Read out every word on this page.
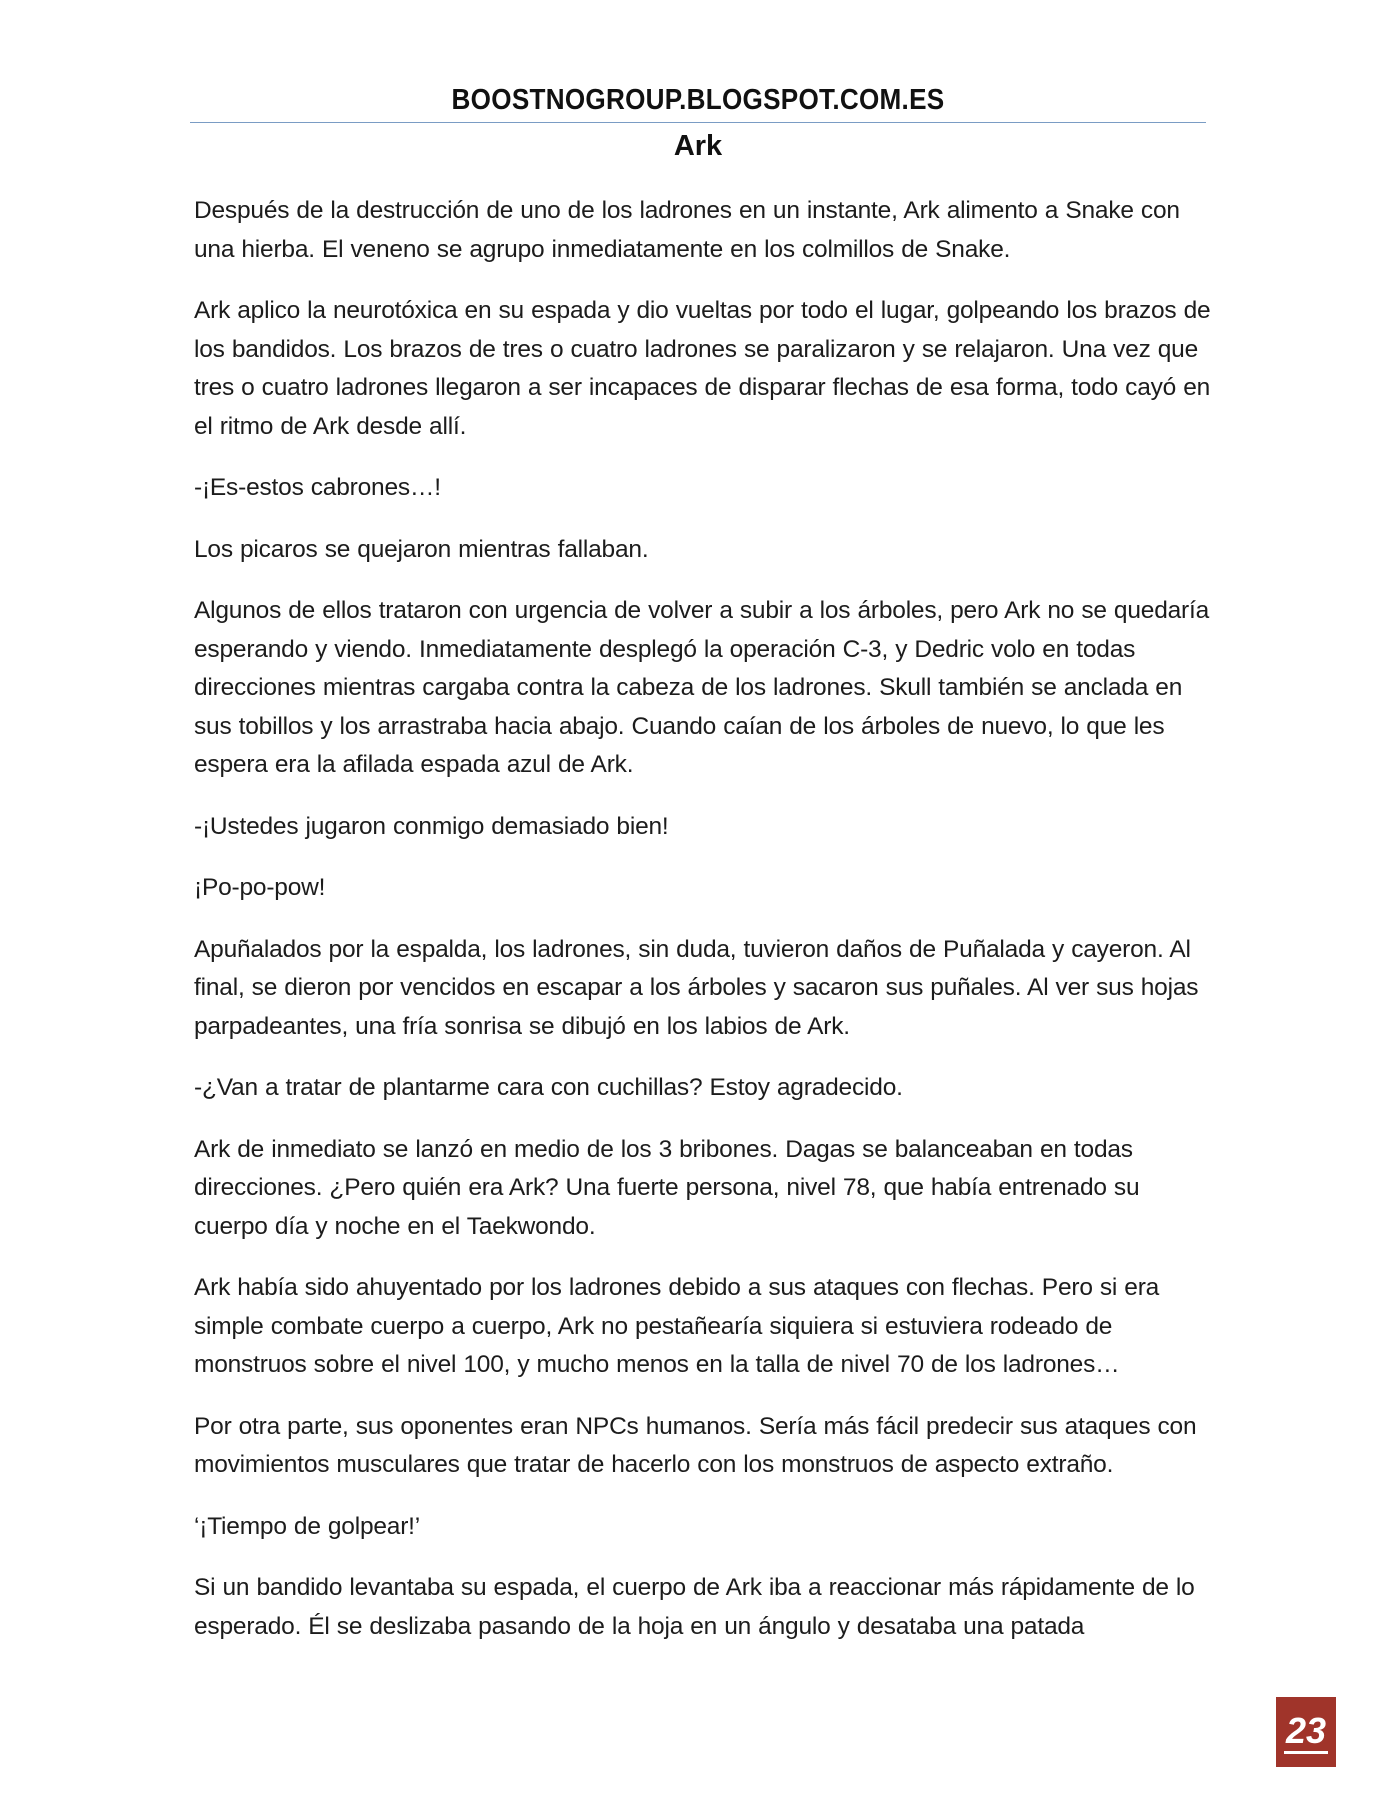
BOOSTNOGROUP.BLOGSPOT.COM.ES
Ark

Después de la destrucción de uno de los ladrones en un instante, Ark alimento a Snake con una hierba. El veneno se agrupo inmediatamente en los colmillos de Snake.

Ark aplico la neurotóxica en su espada y dio vueltas por todo el lugar, golpeando los brazos de los bandidos. Los brazos de tres o cuatro ladrones se paralizaron y se relajaron. Una vez que tres o cuatro ladrones llegaron a ser incapaces de disparar flechas de esa forma, todo cayó en el ritmo de Ark desde allí.

-¡Es-estos cabrones…!

Los picaros se quejaron mientras fallaban.

Algunos de ellos trataron con urgencia de volver a subir a los árboles, pero Ark no se quedaría esperando y viendo. Inmediatamente desplegó la operación C-3, y Dedric volo en todas direcciones mientras cargaba contra la cabeza de los ladrones. Skull también se anclada en sus tobillos y los arrastraba hacia abajo. Cuando caían de los árboles de nuevo, lo que les espera era la afilada espada azul de Ark.

-¡Ustedes jugaron conmigo demasiado bien!

¡Po-po-pow!

Apuñalados por la espalda, los ladrones, sin duda, tuvieron daños de Puñalada y cayeron. Al final, se dieron por vencidos en escapar a los árboles y sacaron sus puñales. Al ver sus hojas parpadeantes, una fría sonrisa se dibujó en los labios de Ark.

-¿Van a tratar de plantarme cara con cuchillas? Estoy agradecido.

Ark de inmediato se lanzó en medio de los 3 bribones. Dagas se balanceaban en todas direcciones. ¿Pero quién era Ark? Una fuerte persona, nivel 78, que había entrenado su cuerpo día y noche en el Taekwondo.

Ark había sido ahuyentado por los ladrones debido a sus ataques con flechas. Pero si era simple combate cuerpo a cuerpo, Ark no pestañearía siquiera si estuviera rodeado de monstruos sobre el nivel 100, y mucho menos en la talla de nivel 70 de los ladrones…

Por otra parte, sus oponentes eran NPCs humanos. Sería más fácil predecir sus ataques con movimientos musculares que tratar de hacerlo con los monstruos de aspecto extraño.

‘¡Tiempo de golpear!’

Si un bandido levantaba su espada, el cuerpo de Ark iba a reaccionar más rápidamente de lo esperado. Él se deslizaba pasando de la hoja en un ángulo y desataba una patada

23
